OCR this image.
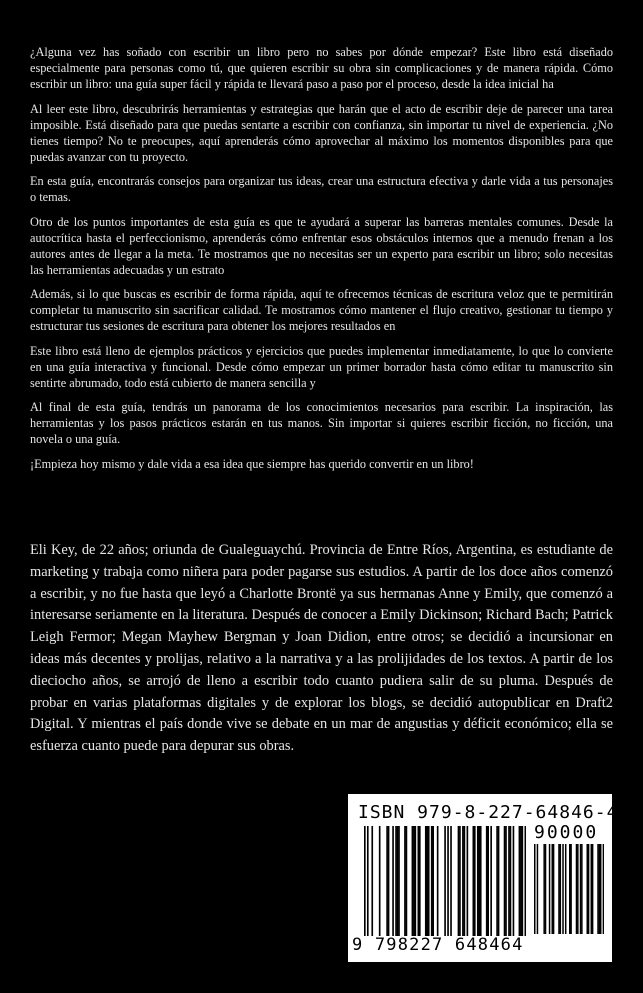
¿Alguna vez has soñado con escribir un libro pero no sabes por dónde empezar? Este libro está diseñado especialmente para personas como tú, que quieren escribir su obra sin complicaciones y de manera rápida. Cómo escribir un libro: una guía super fácil y rápida te llevará paso a paso por el proceso, desde la idea inicial ha

Al leer este libro, descubrirás herramientas y estrategias que harán que el acto de escribir deje de parecer una tarea imposible. Está diseñado para que puedas sentarte a escribir con confianza, sin importar tu nivel de experiencia. ¿No tienes tiempo? No te preocupes, aquí aprenderás cómo aprovechar al máximo los momentos disponibles para que puedas avanzar con tu proyecto.

En esta guía, encontrarás consejos para organizar tus ideas, crear una estructura efectiva y darle vida a tus personajes o temas.

Otro de los puntos importantes de esta guía es que te ayudará a superar las barreras mentales comunes. Desde la autocrítica hasta el perfeccionismo, aprenderás cómo enfrentar esos obstáculos internos que a menudo frenan a los autores antes de llegar a la meta. Te mostramos que no necesitas ser un experto para escribir un libro; solo necesitas las herramientas adecuadas y un estrato

Además, si lo que buscas es escribir de forma rápida, aquí te ofrecemos técnicas de escritura veloz que te permitirán completar tu manuscrito sin sacrificar calidad. Te mostramos cómo mantener el flujo creativo, gestionar tu tiempo y estructurar tus sesiones de escritura para obtener los mejores resultados en

Este libro está lleno de ejemplos prácticos y ejercicios que puedes implementar inmediatamente, lo que lo convierte en una guía interactiva y funcional. Desde cómo empezar un primer borrador hasta cómo editar tu manuscrito sin sentirte abrumado, todo está cubierto de manera sencilla y

Al final de esta guía, tendrás un panorama de los conocimientos necesarios para escribir. La inspiración, las herramientas y los pasos prácticos estarán en tus manos. Sin importar si quieres escribir ficción, no ficción, una novela o una guía.

¡Empieza hoy mismo y dale vida a esa idea que siempre has querido convertir en un libro!

Eli Key, de 22 años; oriunda de Gualeguaychú. Provincia de Entre Ríos, Argentina, es estudiante de marketing y trabaja como niñera para poder pagarse sus estudios. A partir de los doce años comenzó a escribir, y no fue hasta que leyó a Charlotte Brontë ya sus hermanas Anne y Emily, que comenzó a interesarse seriamente en la literatura. Después de conocer a Emily Dickinson; Richard Bach; Patrick Leigh Fermor; Megan Mayhew Bergman y Joan Didion, entre otros; se decidió a incursionar en ideas más decentes y prolijas, relativo a la narrativa y a las prolijidades de los textos. A partir de los dieciocho años, se arrojó de lleno a escribir todo cuanto pudiera salir de su pluma. Después de probar en varias plataformas digitales y de explorar los blogs, se decidió autopublicar en Draft2 Digital. Y mientras el país donde vive se debate en un mar de angustias y déficit económico; ella se esfuerza cuanto puede para depurar sus obras.

ISBN 979-8-227-64846-4
90000
9 798227 648464
